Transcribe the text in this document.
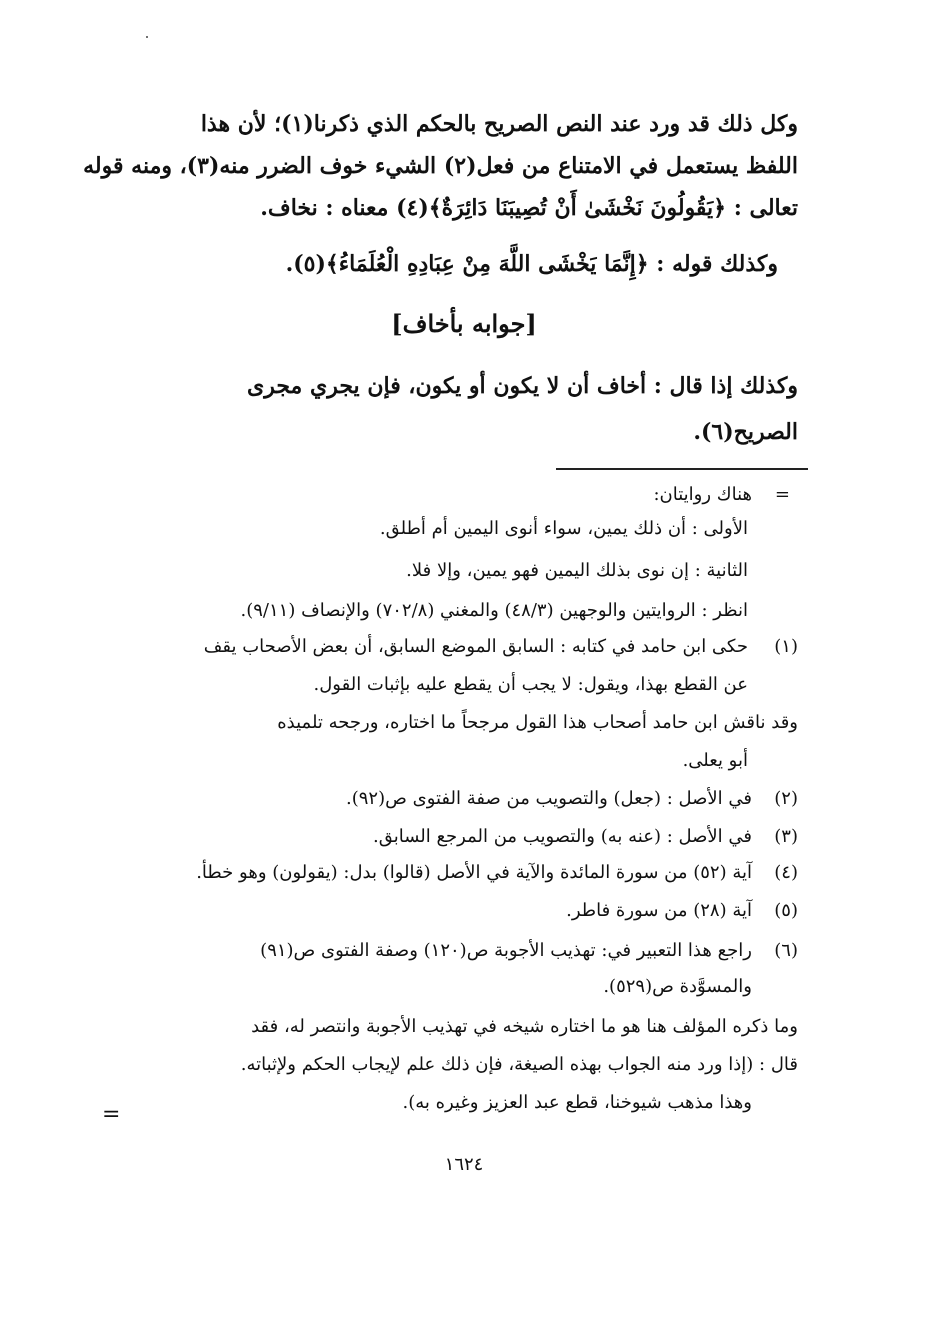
وكل ذلك قد ورد عند النص الصريح بالحكم الذي ذكرنا(١)؛ لأن هذا
اللفظ يستعمل في الامتناع من فعل(٢) الشيء خوف الضرر منه(٣)، ومنه قوله
تعالى : ﴿يَقُولُونَ نَخْشَىٰ أَنْ تُصِيبَنَا دَائِرَةٌ﴾(٤) معناه : نخاف.
وكذلك قوله : ﴿إِنَّمَا يَخْشَى اللَّهَ مِنْ عِبَادِهِ الْعُلَمَاءُ﴾(٥).
[جوابه بأخاف]
وكذلك إذا قال : أخاف أن لا يكون أو يكون، فإن يجري مجرى
الصريح(٦).
=
هناك روايتان:
الأولى : أن ذلك يمين، سواء أنوى اليمين أم أطلق.
الثانية : إن نوى بذلك اليمين فهو يمين، وإلا فلا.
انظر : الروايتين والوجهين (٤٨/٣) والمغني (٧٠٢/٨) والإنصاف (٩/١١).
(١)
حكى ابن حامد في كتابه : السابق الموضع السابق، أن بعض الأصحاب يقف
عن القطع بهذا، ويقول: لا يجب أن يقطع عليه بإثبات القول.
وقد ناقش ابن حامد أصحاب هذا القول مرجحاً ما اختاره، ورجحه تلميذه
أبو يعلى.
(٢)
في الأصل : (جعل) والتصويب من صفة الفتوى ص(٩٢).
(٣)
في الأصل : (عنه به) والتصويب من المرجع السابق.
(٤)
آية (٥٢) من سورة المائدة والآية في الأصل (قالوا) بدل: (يقولون) وهو خطأ.
(٥)
آية (٢٨) من سورة فاطر.
(٦)
راجع هذا التعبير في: تهذيب الأجوبة ص(١٢٠) وصفة الفتوى ص(٩١)
والمسوَّدة ص(٥٢٩).
وما ذكره المؤلف هنا هو ما اختاره شيخه في تهذيب الأجوبة وانتصر له، فقد
قال : (إذا ورد منه الجواب بهذه الصيغة، فإن ذلك علم لإيجاب الحكم ولإثباته.
وهذا مذهب شيوخنا، قطع عبد العزيز وغيره به).
=
١٦٢٤
